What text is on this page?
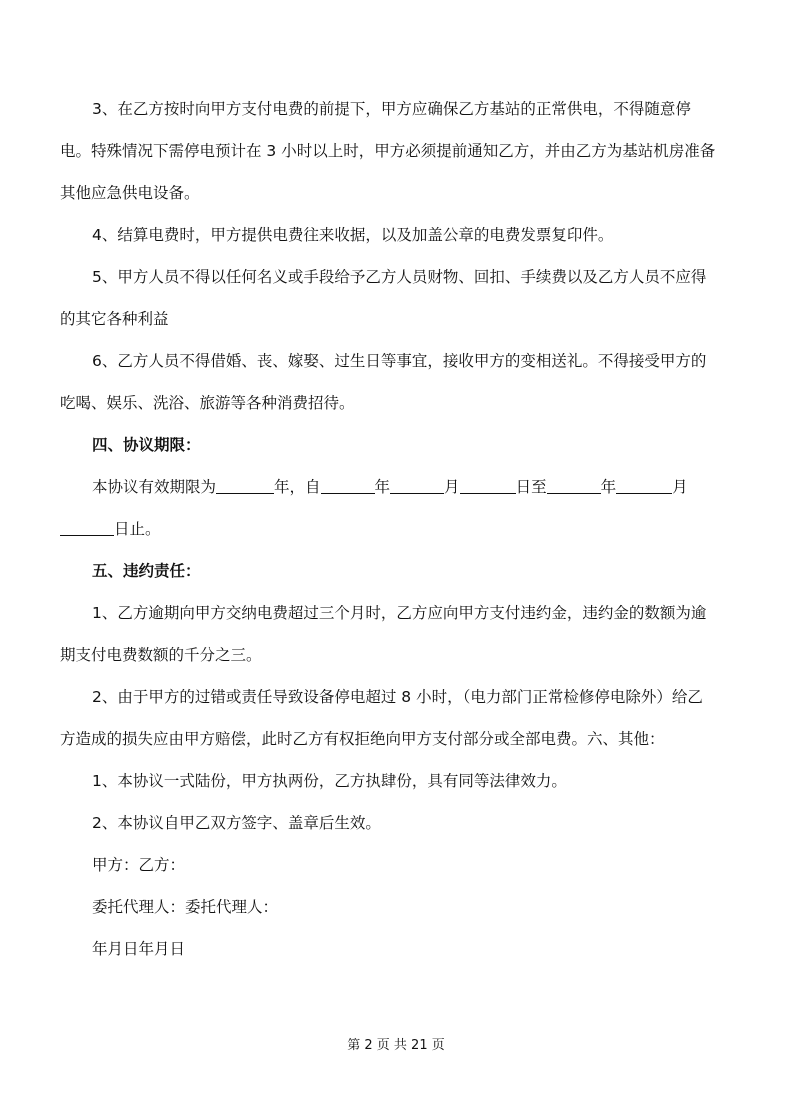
3、在乙方按时向甲方支付电费的前提下，甲方应确保乙方基站的正常供电，不得随意停
电。特殊情况下需停电预计在 3 小时以上时，甲方必须提前通知乙方，并由乙方为基站机房准备
其他应急供电设备。
4、结算电费时，甲方提供电费往来收据，以及加盖公章的电费发票复印件。
5、甲方人员不得以任何名义或手段给予乙方人员财物、回扣、手续费以及乙方人员不应得
的其它各种利益
6、乙方人员不得借婚、丧、嫁娶、过生日等事宜，接收甲方的变相送礼。不得接受甲方的
吃喝、娱乐、洗浴、旅游等各种消费招待。
四、协议期限：
本协议有效期限为	年，自	年	月	日至	年	月
日止。
五、违约责任：
1、乙方逾期向甲方交纳电费超过三个月时，乙方应向甲方支付违约金，违约金的数额为逾
期支付电费数额的千分之三。
2、由于甲方的过错或责任导致设备停电超过 8 小时，（电力部门正常检修停电除外）给乙
方造成的损失应由甲方赔偿，此时乙方有权拒绝向甲方支付部分或全部电费。六、其他：
1、本协议一式陆份，甲方执两份，乙方执肆份，具有同等法律效力。
2、本协议自甲乙双方签字、盖章后生效。
甲方：乙方：
委托代理人：委托代理人：
年月日年月日
第 2 页 共 21 页
